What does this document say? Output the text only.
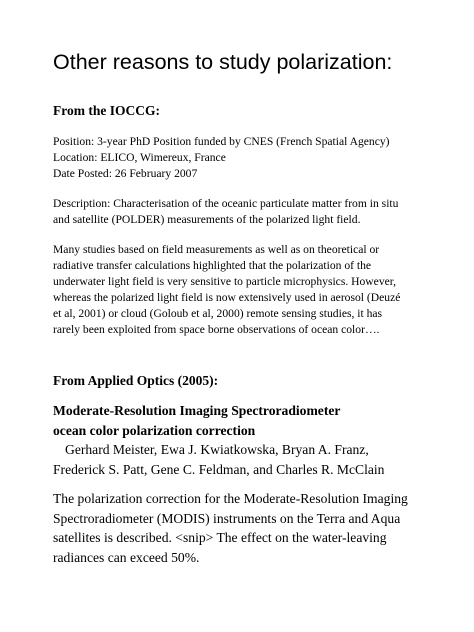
Other reasons to study polarization:
From the IOCCG:
Position: 3-year PhD Position funded by CNES (French Spatial Agency)
Location: ELICO, Wimereux, France
Date Posted: 26 February 2007
Description: Characterisation of the oceanic particulate matter from in situ
and satellite (POLDER) measurements of the polarized light field.
Many studies based on field measurements as well as on theoretical or
radiative transfer calculations highlighted that the polarization of the
underwater light field is very sensitive to particle microphysics. However,
whereas the polarized light field is now extensively used in aerosol (Deuzé
et al, 2001) or cloud (Goloub et al, 2000) remote sensing studies, it has
rarely been exploited from space borne observations of ocean color….
From Applied Optics (2005):
Moderate-Resolution Imaging Spectroradiometer
ocean color polarization correction
Gerhard Meister, Ewa J. Kwiatkowska, Bryan A. Franz,
Frederick S. Patt, Gene C. Feldman, and Charles R. McClain
The polarization correction for the Moderate-Resolution Imaging
Spectroradiometer (MODIS) instruments on the Terra and Aqua
satellites is described. <snip> The effect on the water-leaving
radiances can exceed 50%.
